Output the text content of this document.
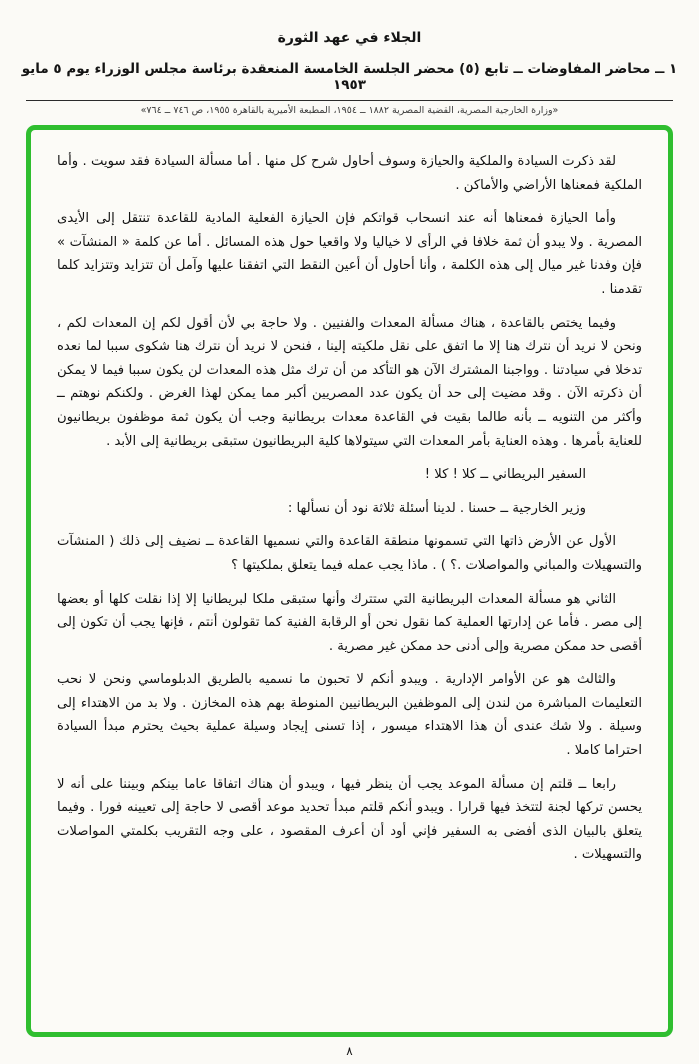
الجلاء في عهد الثورة
١ ــ محاضر المفاوضات ــ تابع (٥) محضر الجلسة الخامسة المنعقدة برئاسة مجلس الوزراء يوم ٥ مايو ١٩٥٣
«وزارة الخارجية المصرية، القضية المصرية ١٨٨٢ ــ ١٩٥٤، المطبعة الأميرية بالقاهرة ١٩٥٥، ص ٧٤٦ ــ ٧٦٤»

لقد ذكرت السيادة والملكية والحيازة وسوف أحاول شرح كل منها . أما مسألة السيادة فقد سويت . وأما الملكية فمعناها الأراضي والأماكن .

وأما الحيازة فمعناها أنه عند انسحاب قواتكم فإن الحيازة الفعلية المادية للقاعدة تنتقل إلى الأيدى المصرية . ولا يبدو أن ثمة خلافا في الرأى لا خياليا ولا واقعيا حول هذه المسائل . أما عن كلمة « المنشآت » فإن وفدنا غير ميال إلى هذه الكلمة ، وأنا أحاول أن أعين النقط التي اتفقنا عليها وآمل أن تتزايد وتتزايد كلما تقدمنا .

وفيما يختص بالقاعدة ، هناك مسألة المعدات والفنيين . ولا حاجة بي لأن أقول لكم إن المعدات لكم ، ونحن لا نريد أن نترك هنا إلا ما اتفق على نقل ملكيته إلينا ، فنحن لا نريد أن نترك هنا شكوى سببا لما نعده تدخلا في سيادتنا . وواجبنا المشترك الآن هو التأكد من أن ترك مثل هذه المعدات لن يكون سببا فيما لا يمكن أن ذكرته الآن . وقد مضيت إلى حد أن يكون عدد المصريين أكبر مما يمكن لهذا الغرض . ولكنكم نوهتم ــ وأكثر من التنويه ــ بأنه طالما بقيت في القاعدة معدات بريطانية وجب أن يكون ثمة موظفون بريطانيون للعناية بأمرها . وهذه العناية بأمر المعدات التي سيتولاها كلية البريطانيون ستبقى بريطانية إلى الأبد .

السفير البريطاني ــ كلا ! كلا !

وزير الخارجية ــ حسنا . لدينا أسئلة ثلاثة نود أن نسألها :

الأول عن الأرض ذاتها التي تسمونها منطقة القاعدة والتي نسميها القاعدة ــ نضيف إلى ذلك ( المنشآت والتسهيلات والمباني والمواصلات .؟ ) . ماذا يجب عمله فيما يتعلق بملكيتها ؟

الثاني هو مسألة المعدات البريطانية التي ستترك وأنها ستبقى ملكا لبريطانيا إلا إذا نقلت كلها أو بعضها إلى مصر . فأما عن إدارتها العملية كما نقول نحن أو الرقابة الفنية كما تقولون أنتم ، فإنها يجب أن تكون إلى أقصى حد ممكن مصرية وإلى أدنى حد ممكن غير مصرية .

والثالث هو عن الأوامر الإدارية . ويبدو أنكم لا تحبون ما نسميه بالطريق الدبلوماسي ونحن لا نحب التعليمات المباشرة من لندن إلى الموظفين البريطانيين المنوطة بهم هذه المخازن . ولا بد من الاهتداء إلى وسيلة . ولا شك عندى أن هذا الاهتداء ميسور ، إذا تسنى إيجاد وسيلة عملية بحيث يحترم مبدأ السيادة احتراما كاملا .

رابعا ــ قلتم إن مسألة الموعد يجب أن ينظر فيها ، ويبدو أن هناك اتفاقا عاما بينكم وبيننا على أنه لا يحسن تركها لجنة لتتخذ فيها قرارا . ويبدو أنكم قلتم مبدأ تحديد موعد أقصى لا حاجة إلى تعيينه فورا . وفيما يتعلق بالبيان الذى أفضى به السفير فإني أود أن أعرف المقصود ، على وجه التقريب بكلمتي المواصلات والتسهيلات .

٨
